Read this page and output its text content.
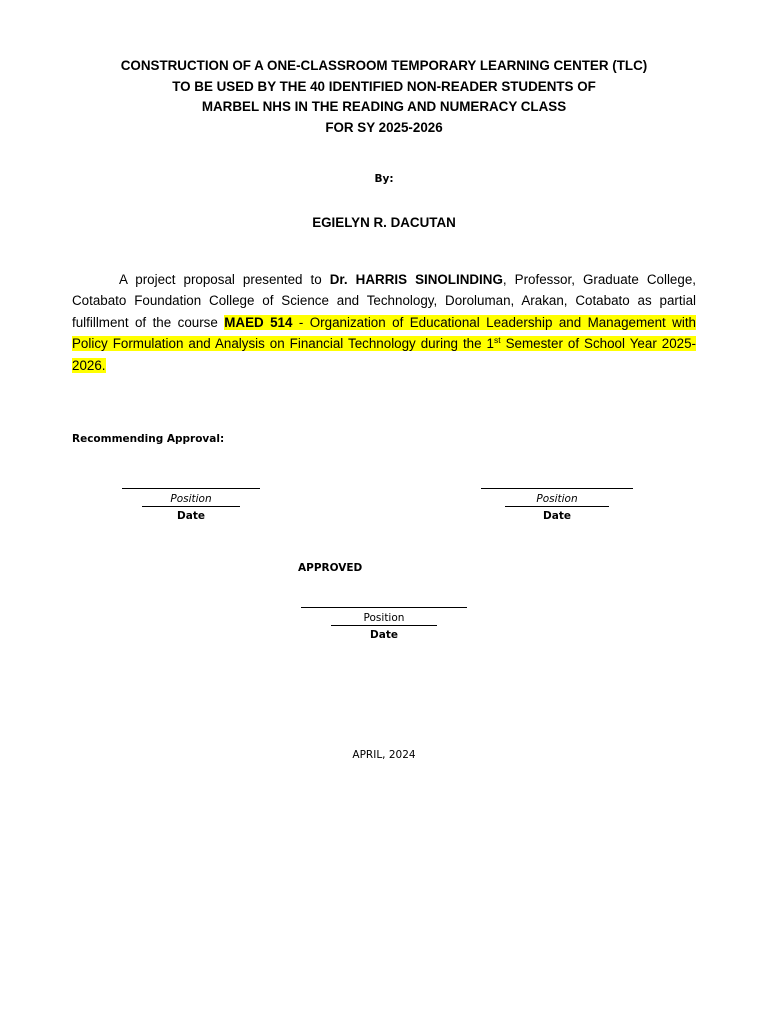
CONSTRUCTION OF A ONE-CLASSROOM TEMPORARY LEARNING CENTER (TLC)
TO BE USED BY THE 40 IDENTIFIED NON-READER STUDENTS OF
MARBEL NHS IN THE READING AND NUMERACY CLASS
FOR SY 2025-2026
By:
EGIELYN R. DACUTAN
A project proposal presented to Dr. HARRIS SINOLINDING, Professor, Graduate College, Cotabato Foundation College of Science and Technology, Doroluman, Arakan, Cotabato as partial fulfillment of the course MAED 514 - Organization of Educational Leadership and Management with Policy Formulation and Analysis on Financial Technology during the 1st Semester of School Year 2025-2026.
Recommending Approval:
Position
Date
Position
Date
APPROVED
Position
Date
APRIL, 2024
